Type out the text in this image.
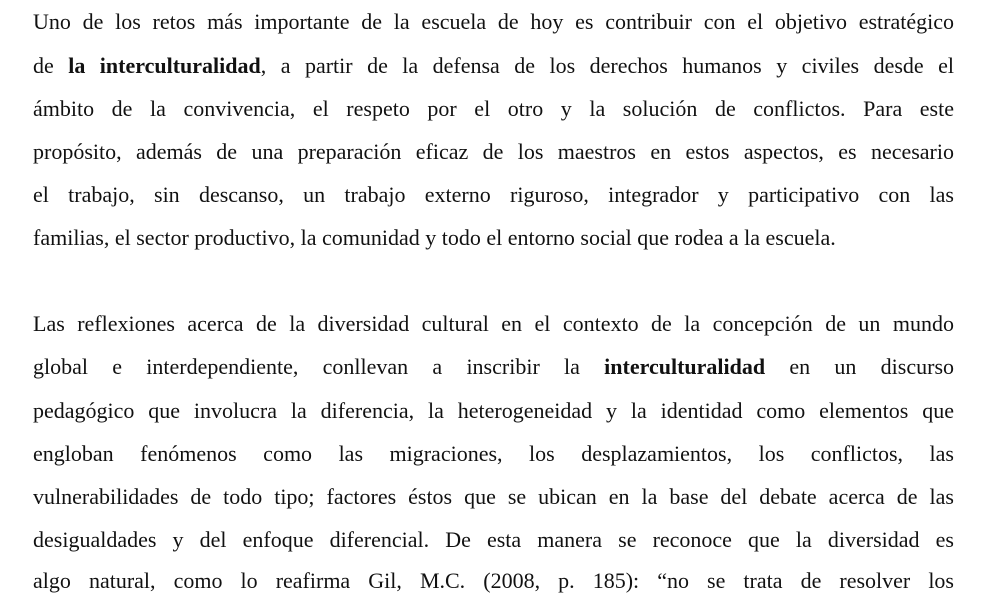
Uno de los retos más importante de la escuela de hoy es contribuir con el objetivo estratégico
de la interculturalidad, a partir de la defensa de los derechos humanos y civiles desde el
ámbito de la convivencia, el respeto por el otro y la solución de conflictos. Para este
propósito, además de una preparación eficaz de los maestros en estos aspectos, es necesario
el trabajo, sin descanso, un trabajo externo riguroso, integrador y participativo con las
familias, el sector productivo, la comunidad y todo el entorno social que rodea a la escuela.
Las reflexiones acerca de la diversidad cultural en el contexto de la concepción de un mundo
global e interdependiente, conllevan a inscribir la interculturalidad en un discurso
pedagógico que involucra la diferencia, la heterogeneidad y la identidad como elementos que
engloban fenómenos como las migraciones, los desplazamientos, los conflictos, las
vulnerabilidades de todo tipo; factores éstos que se ubican en la base del debate acerca de las
desigualdades y del enfoque diferencial. De esta manera se reconoce que la diversidad es
algo natural, como lo reafirma Gil, M.C. (2008, p. 185): “no se trata de resolver los
